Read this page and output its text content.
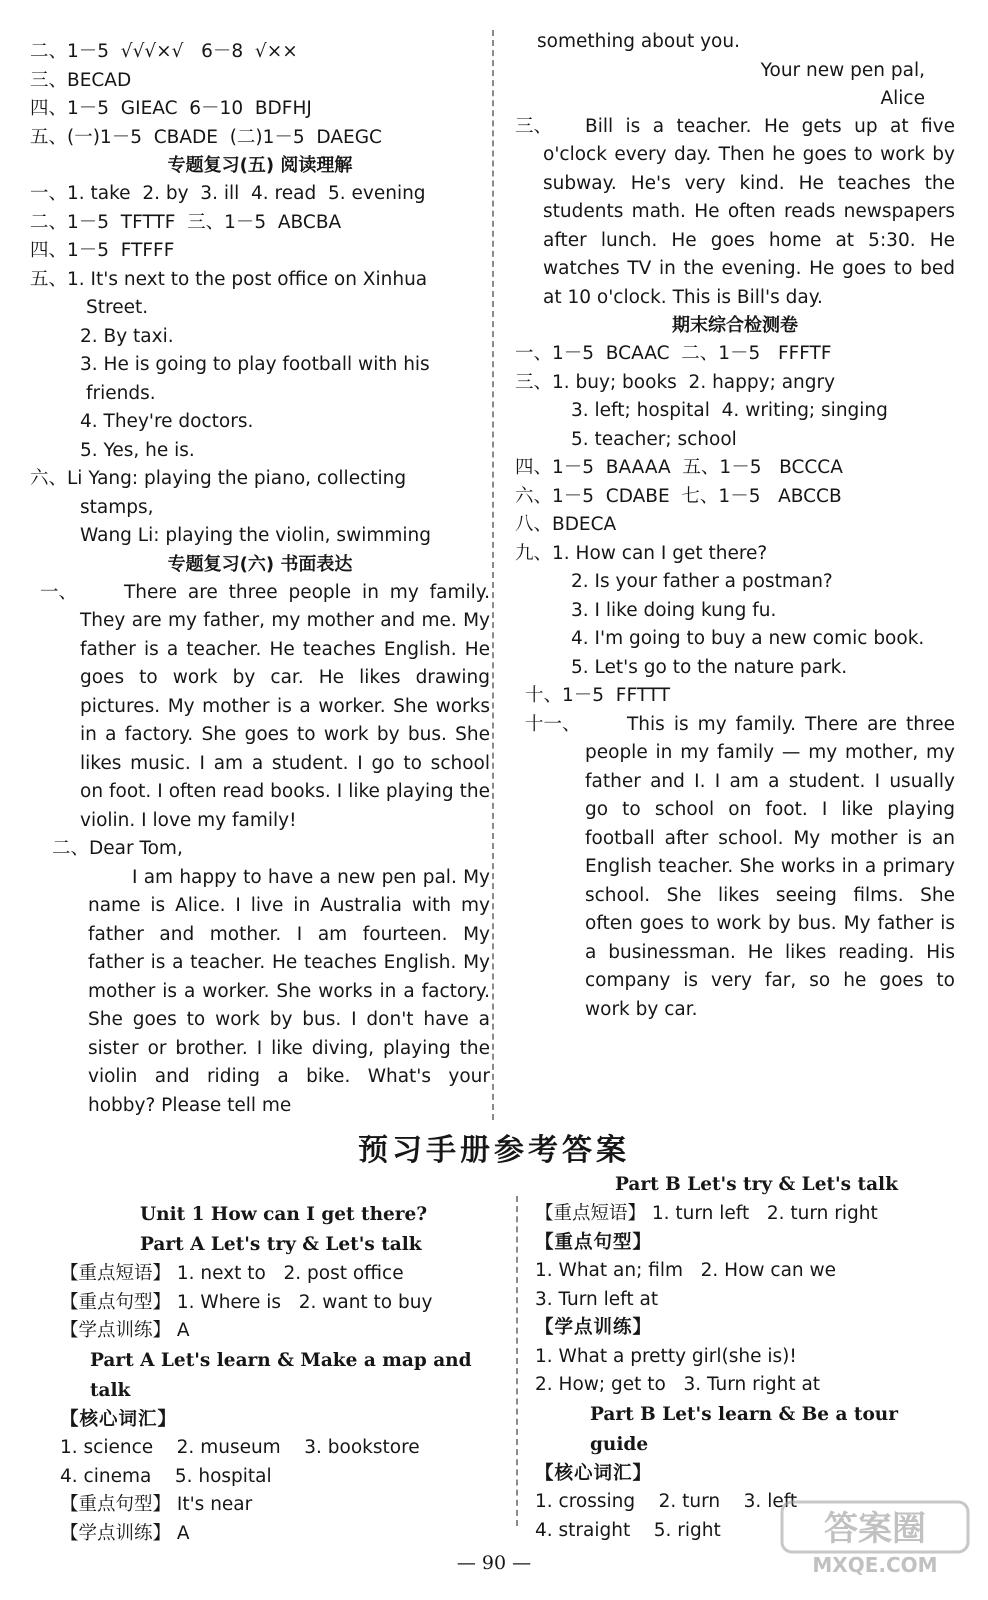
二、1－5  √√√×√   6－8  √××
三、BECAD
四、1－5  GIEAC  6－10  BDFHJ
五、(一)1－5  CBADE  (二)1－5  DAEGC
专题复习(五) 阅读理解
一、1. take  2. by  3. ill  4. read  5. evening
二、1－5  TFTTF  三、1－5  ABCBA
四、1－5  FTFFF
五、1. It's next to the post office on Xinhua
Street.
2. By taxi.
3. He is going to play football with his
friends.
4. They're doctors.
5. Yes, he is.
六、Li Yang: playing the piano, collecting
stamps,
Wang Li: playing the violin, swimming
专题复习(六) 书面表达
一、	There are three people in my family. They are my father, my mother and me. My father is a teacher. He teaches English. He goes to work by car. He likes drawing pictures. My mother is a worker. She works in a factory. She goes to work by bus. She likes music. I am a student. I go to school on foot. I often read books. I like playing the violin. I love my family!
二、Dear Tom,
I am happy to have a new pen pal. My name is Alice. I live in Australia with my father and mother. I am fourteen. My father is a teacher. He teaches English. My mother is a worker. She works in a factory. She goes to work by bus. I don't have a sister or brother. I like diving, playing the violin and riding a bike. What's your hobby? Please tell me
something about you.
Your new pen pal,
Alice
三、	Bill is a teacher. He gets up at five o'clock every day. Then he goes to work by subway. He's very kind. He teaches the students math. He often reads newspapers after lunch. He goes home at 5:30. He watches TV in the evening. He goes to bed at 10 o'clock. This is Bill's day.
期末综合检测卷
一、1－5  BCAAC  二、1－5   FFFTF
三、1. buy; books  2. happy; angry
3. left; hospital  4. writing; singing
5. teacher; school
四、1－5  BAAAA  五、1－5   BCCCA
六、1－5  CDABE  七、1－5   ABCCB
八、BDECA
九、1. How can I get there?
2. Is your father a postman?
3. I like doing kung fu.
4. I'm going to buy a new comic book.
5. Let's go to the nature park.
十、1－5  FFTTT
十一、	This is my family. There are three people in my family — my mother, my father and I. I am a student. I usually go to school on foot. I like playing football after school. My mother is an English teacher. She works in a primary school. She likes seeing films. She often goes to work by bus. My father is a businessman. He likes reading. His company is very far, so he goes to work by car.
预习手册参考答案
Unit 1 How can I get there?
Part A Let's try & Let's talk
【重点短语】 1. next to   2. post office
【重点句型】 1. Where is   2. want to buy
【学点训练】 A
Part A Let's learn & Make a map and talk
【核心词汇】
1. science    2. museum    3. bookstore
4. cinema    5. hospital
【重点句型】 It's near
【学点训练】 A
Part B Let's try & Let's talk
【重点短语】 1. turn left   2. turn right
【重点句型】
1. What an; film   2. How can we
3. Turn left at
【学点训练】
1. What a pretty girl(she is)!
2. How; get to   3. Turn right at
Part B Let's learn & Be a tour guide
【核心词汇】
1. crossing    2. turn    3. left
4. straight    5. right
— 90 —
答案圈
MXQE.COM
